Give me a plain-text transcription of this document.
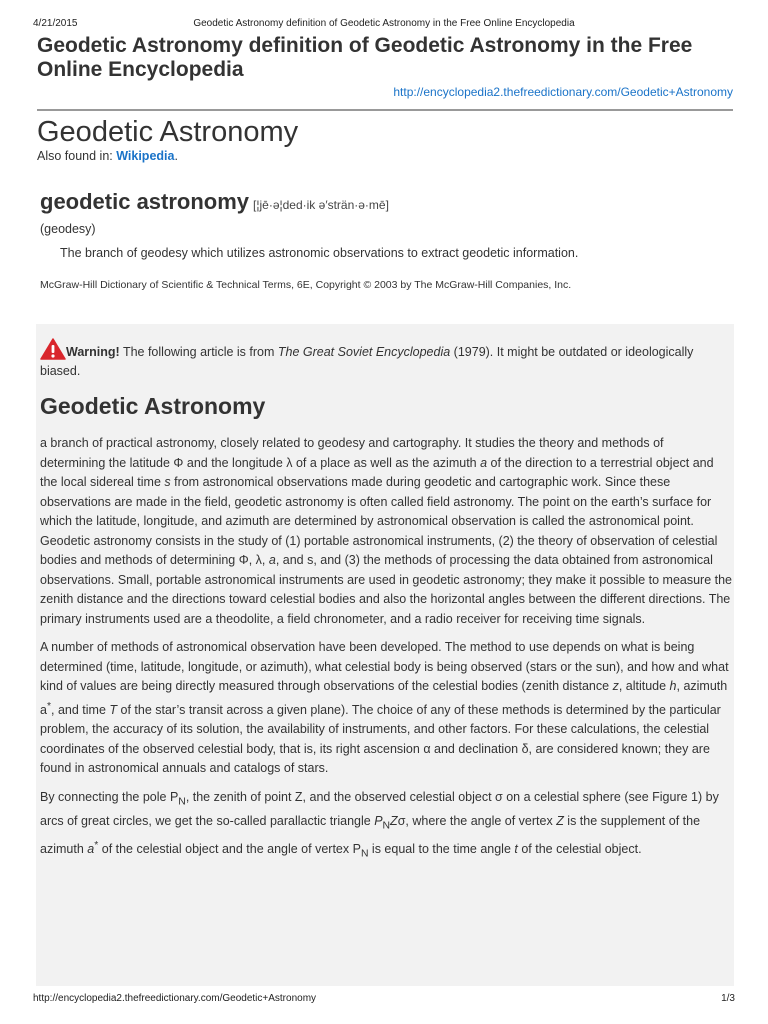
4/21/2015	Geodetic Astronomy definition of Geodetic Astronomy in the Free Online Encyclopedia
Geodetic Astronomy definition of Geodetic Astronomy in the Free Online Encyclopedia
http://encyclopedia2.thefreedictionary.com/Geodetic+Astronomy
Geodetic Astronomy
Also found in: Wikipedia.
geodetic astronomy [¦jē·ə¦ded·ik ə′strän·ə·mē]
(geodesy)
The branch of geodesy which utilizes astronomic observations to extract geodetic information.
McGraw-Hill Dictionary of Scientific & Technical Terms, 6E, Copyright © 2003 by The McGraw-Hill Companies, Inc.
Warning! The following article is from The Great Soviet Encyclopedia (1979). It might be outdated or ideologically biased.
Geodetic Astronomy

a branch of practical astronomy, closely related to geodesy and cartography. It studies the theory and methods of determining the latitude Φ and the longitude λ of a place as well as the azimuth a of the direction to a terrestrial object and the local sidereal time s from astronomical observations made during geodetic and cartographic work. Since these observations are made in the field, geodetic astronomy is often called field astronomy. The point on the earth’s surface for which the latitude, longitude, and azimuth are determined by astronomical observation is called the astronomical point. Geodetic astronomy consists in the study of (1) portable astronomical instruments, (2) the theory of observation of celestial bodies and methods of determining Φ, λ, a, and s, and (3) the methods of processing the data obtained from astronomical observations. Small, portable astronomical instruments are used in geodetic astronomy; they make it possible to measure the zenith distance and the directions toward celestial bodies and also the horizontal angles between the different directions. The primary instruments used are a theodolite, a field chronometer, and a radio receiver for receiving time signals.

A number of methods of astronomical observation have been developed. The method to use depends on what is being determined (time, latitude, longitude, or azimuth), what celestial body is being observed (stars or the sun), and how and what kind of values are being directly measured through observations of the celestial bodies (zenith distance z, altitude h, azimuth a*, and time T of the star’s transit across a given plane). The choice of any of these methods is determined by the particular problem, the accuracy of its solution, the availability of instruments, and other factors. For these calculations, the celestial coordinates of the observed celestial body, that is, its right ascension α and declination δ, are considered known; they are found in astronomical annuals and catalogs of stars.

By connecting the pole $P_N$, the zenith of point Z, and the observed celestial object σ on a celestial sphere (see Figure 1) by arcs of great circles, we get the so-called parallactic triangle $P_NZ\sigma$, where the angle of vertex Z is the supplement of the azimuth a* of the celestial object and the angle of vertex $P_N$ is equal to the time angle t of the celestial object.

http://encyclopedia2.thefreedictionary.com/Geodetic+Astronomy	1/3
